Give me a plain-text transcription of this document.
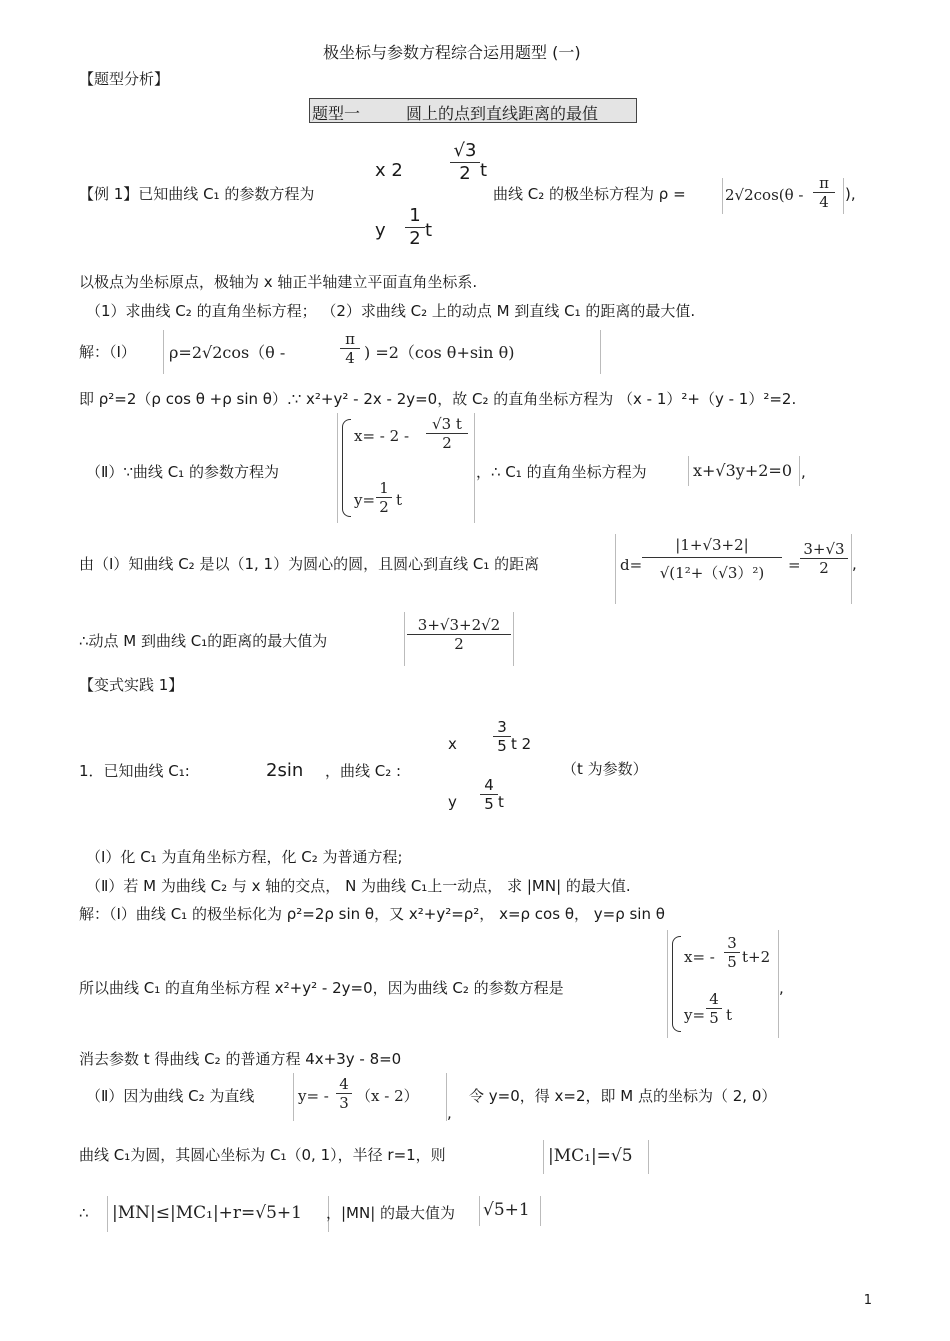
极坐标与参数方程综合运用题型 (一)
【题型分析】
题型一	圆上的点到直线距离的最值
x 2	$\frac{√3}{2}$ t
【例 1】已知曲线 C₁ 的参数方程为	曲线 C₂ 的极坐标方程为 ρ =	2√2cos(θ -
π
4	),
y $\frac{1}{2}$ t
以极点为坐标原点，极轴为 x 轴正半轴建立平面直角坐标系.
（1）求曲线 C₂ 的直角坐标方程； （2）求曲线 C₂ 上的动点 M 到直线 C₁ 的距离的最大值.
解：（Ⅰ） ρ=2√2cos（θ -	$\frac{\pi}{4}$ ) =2（cos θ+sin θ)
即 ρ²=2（ρ cos θ +ρ sin θ）.∵ x²+y² - 2x - 2y=0，故 C₂ 的直角坐标方程为 （x - 1）²+（y - 1）²=2.
（Ⅱ）∵曲线 C₁ 的参数方程为
$x= - 2 - \frac{√3 t}{2}$
$y= \frac{1}{2}$ t
，∴ C₁ 的直角坐标方程为	x+√3y+2=0 ,
由（Ⅰ）知曲线 C₂ 是以（1, 1）为圆心的圆，且圆心到直线 C₁ 的距离	$d= \frac{|1+√3+2|}{\text{√(1²+（√3）²)}} = \frac{3+√3}{2}$ ,
∴动点 M 到曲线 C₁的距离的最大值为	$\frac{3+√3+2√2}{2}$
【变式实践 1】
x $\frac{3}{5}$ t 2
1．已知曲线 C₁:	2sin ，曲线 C₂ :	（t 为参数）
y $\frac{4}{5}$ t
（Ⅰ）化 C₁ 为直角坐标方程，化 C₂ 为普通方程;
（Ⅱ）若 M 为曲线 C₂ 与 x 轴的交点， N 为曲线 C₁上一动点， 求 |MN| 的最大值.
解：（Ⅰ）曲线 C₁ 的极坐标化为 ρ²=2ρ sin θ，又 x²+y²=ρ²， x=ρ cos θ， y=ρ sin θ
所以曲线 C₁ 的直角坐标方程 x²+y² - 2y=0，因为曲线 C₂ 的参数方程是
$x= - \frac{3}{5} t+2$
$y= \frac{4}{5}$ t
,
消去参数 t 得曲线 C₂ 的普通方程 4x+3y - 8=0
（Ⅱ）因为曲线 C₂ 为直线	$y= - \frac{4}{3} (x - 2)$
,
令 y=0，得 x=2，即 M 点的坐标为（ 2, 0）
曲线 C₁为圆，其圆心坐标为 C₁（0, 1），半径 r=1，则	|MC₁|=√5
∴ |MN|≤|MC₁|+r=√5+1 ，|MN| 的最大值为 √5+1
1
